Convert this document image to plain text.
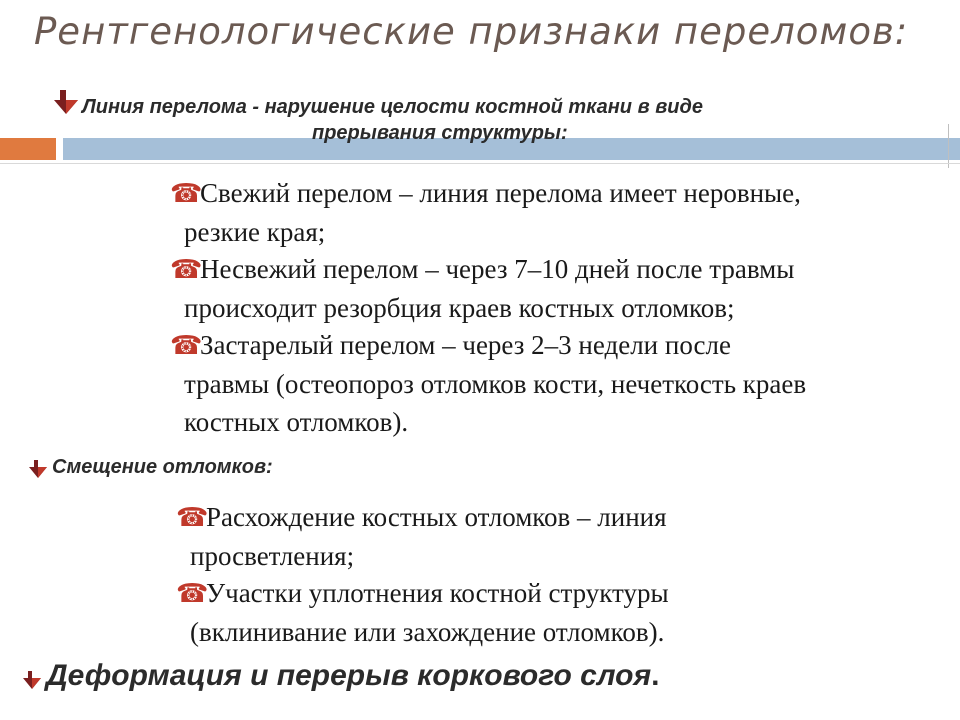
Рентгенологические признаки переломов:
Линия перелома - нарушение целости костной ткани в виде
прерывания структуры:
☎Свежий перелом – линия перелома имеет неровные,
резкие края;
☎Несвежий перелом – через 7–10 дней после травмы
происходит резорбция краев костных отломков;
☎Застарелый перелом – через 2–3 недели после
травмы (остеопороз отломков кости, нечеткость краев
костных отломков).
Смещение отломков:
☎Расхождение костных отломков – линия
просветления;
☎Участки уплотнения костной структуры
(вклинивание или захождение отломков).
Деформация и перерыв коркового слоя.
